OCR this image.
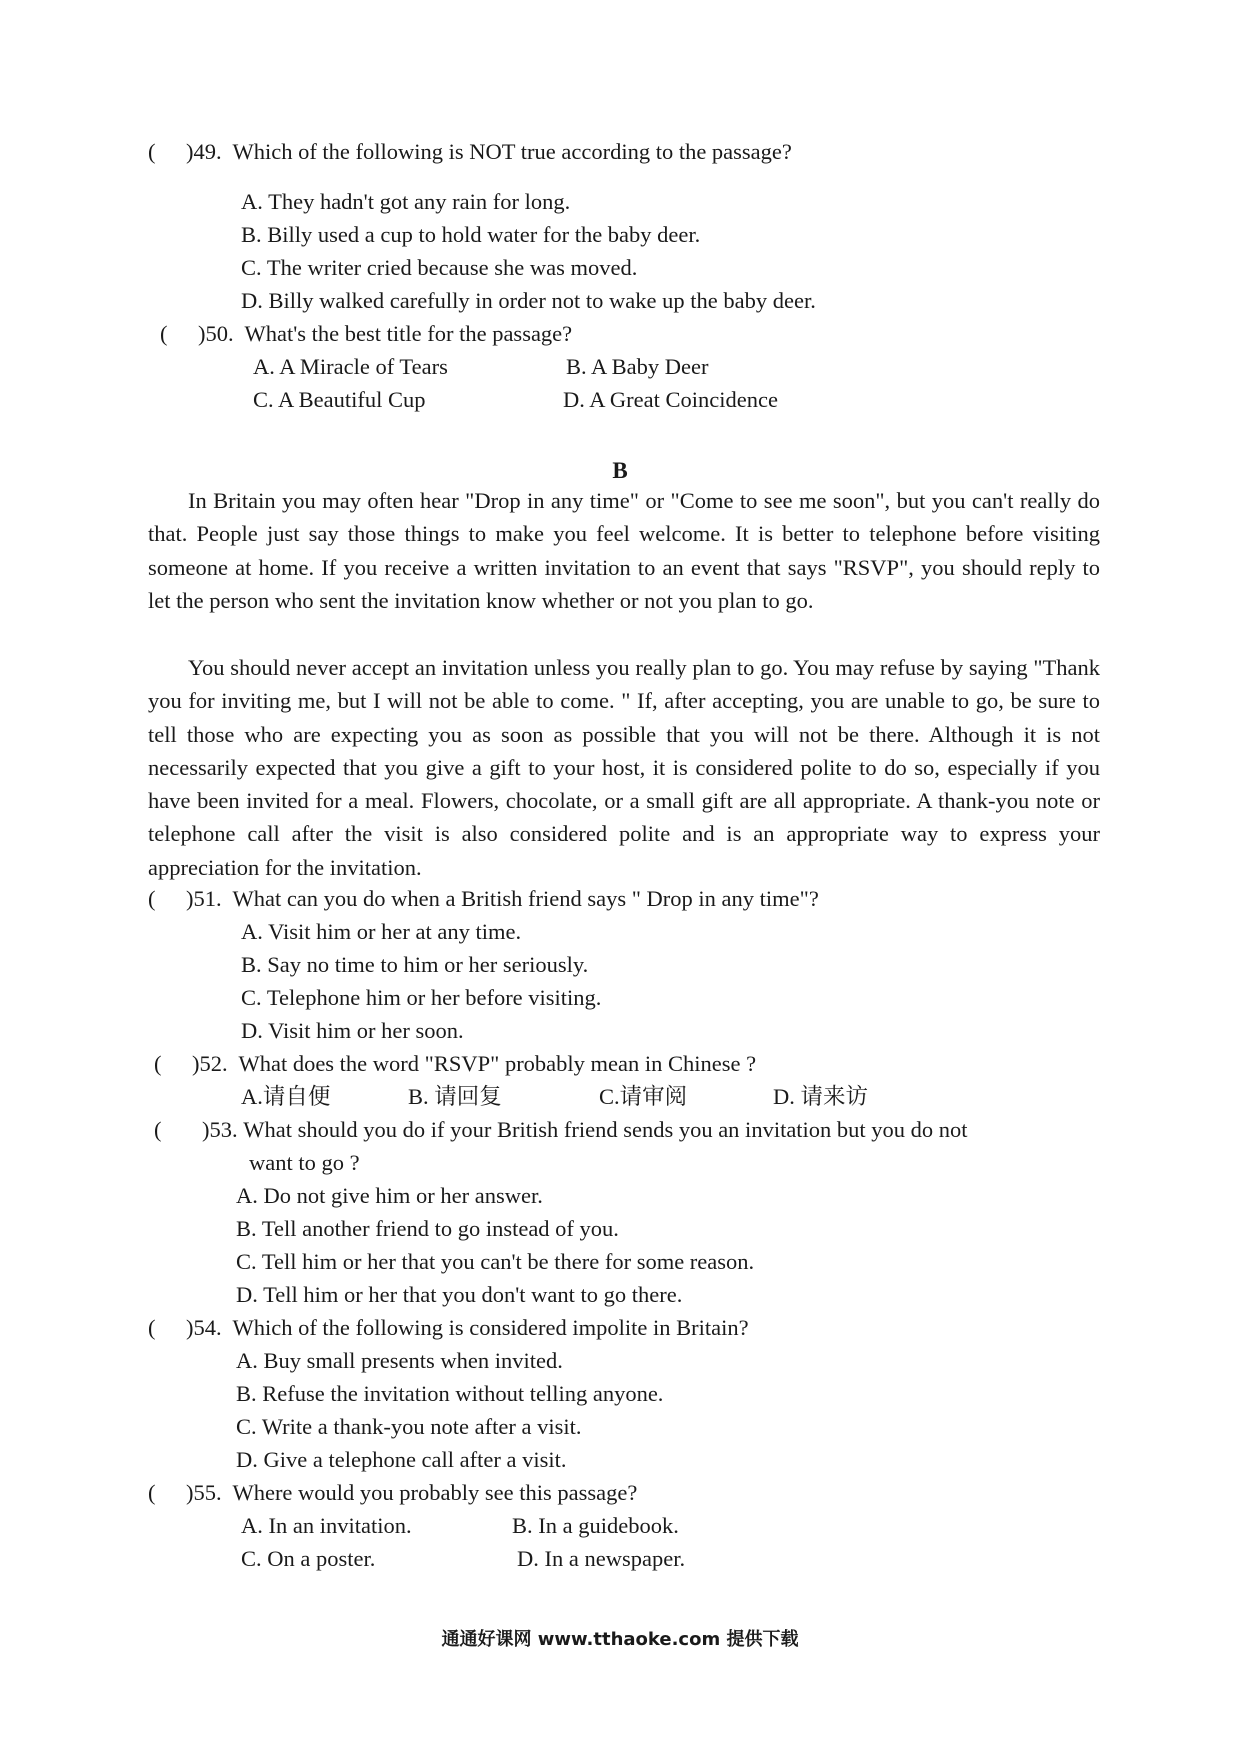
( )49. Which of the following is NOT true according to the passage?
A. They hadn't got any rain for long.
B. Billy used a cup to hold water for the baby deer.
C. The writer cried because she was moved.
D. Billy walked carefully in order not to wake up the baby deer.
( )50. What's the best title for the passage?
A. A Miracle of Tears	B. A Baby Deer
C. A Beautiful Cup	D. A Great Coincidence
B
In Britain you may often hear "Drop in any time" or "Come to see me soon", but you can't really do that. People just say those things to make you feel welcome. It is better to telephone before visiting someone at home. If you receive a written invitation to an event that says "RSVP", you should reply to let the person who sent the invitation know whether or not you plan to go.
You should never accept an invitation unless you really plan to go. You may refuse by saying "Thank you for inviting me, but I will not be able to come. " If, after accepting, you are unable to go, be sure to tell those who are expecting you as soon as possible that you will not be there. Although it is not necessarily expected that you give a gift to your host, it is considered polite to do so, especially if you have been invited for a meal. Flowers, chocolate, or a small gift are all appropriate. A thank-you note or telephone call after the visit is also considered polite and is an appropriate way to express your appreciation for the invitation.
( )51. What can you do when a British friend says " Drop in any time"?
A. Visit him or her at any time.
B. Say no time to him or her seriously.
C. Telephone him or her before visiting.
D. Visit him or her soon.
( )52. What does the word "RSVP" probably mean in Chinese ?
A.请自便	B. 请回复	C.请审阅	D. 请来访
( )53. What should you do if your British friend sends you an invitation but you do not
want to go ?
A. Do not give him or her answer.
B. Tell another friend to go instead of you.
C. Tell him or her that you can't be there for some reason.
D. Tell him or her that you don't want to go there.
( )54. Which of the following is considered impolite in Britain?
A. Buy small presents when invited.
B. Refuse the invitation without telling anyone.
C. Write a thank-you note after a visit.
D. Give a telephone call after a visit.
( )55. Where would you probably see this passage?
A. In an invitation.	B. In a guidebook.
C. On a poster.	D. In a newspaper.
通通好课网 www.tthaoke.com 提供下载
